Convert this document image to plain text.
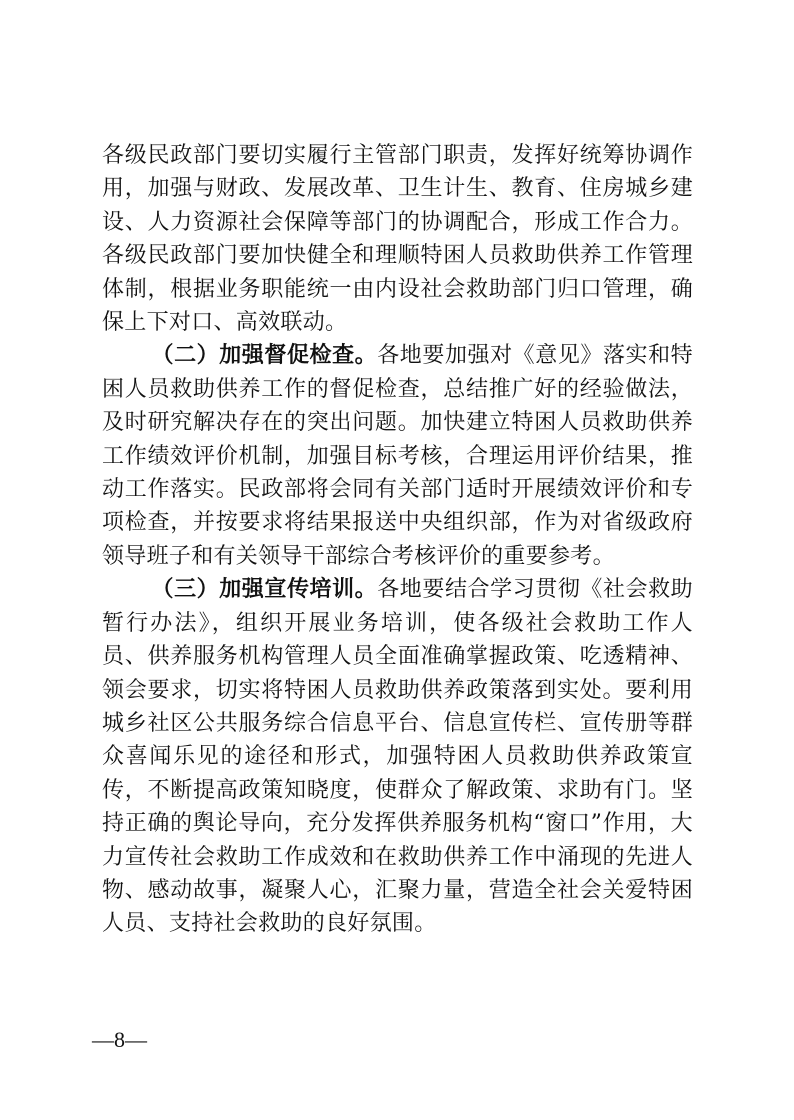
各级民政部门要切实履行主管部门职责，发挥好统筹协调作用，加强与财政、发展改革、卫生计生、教育、住房城乡建设、人力资源社会保障等部门的协调配合，形成工作合力。各级民政部门要加快健全和理顺特困人员救助供养工作管理体制，根据业务职能统一由内设社会救助部门归口管理，确保上下对口、高效联动。

（二）加强督促检查。各地要加强对《意见》落实和特困人员救助供养工作的督促检查，总结推广好的经验做法，及时研究解决存在的突出问题。加快建立特困人员救助供养工作绩效评价机制，加强目标考核，合理运用评价结果，推动工作落实。民政部将会同有关部门适时开展绩效评价和专项检查，并按要求将结果报送中央组织部，作为对省级政府领导班子和有关领导干部综合考核评价的重要参考。

（三）加强宣传培训。各地要结合学习贯彻《社会救助暂行办法》，组织开展业务培训，使各级社会救助工作人员、供养服务机构管理人员全面准确掌握政策、吃透精神、领会要求，切实将特困人员救助供养政策落到实处。要利用城乡社区公共服务综合信息平台、信息宣传栏、宣传册等群众喜闻乐见的途径和形式，加强特困人员救助供养政策宣传，不断提高政策知晓度，使群众了解政策、求助有门。坚持正确的舆论导向，充分发挥供养服务机构“窗口”作用，大力宣传社会救助工作成效和在救助供养工作中涌现的先进人物、感动故事，凝聚人心，汇聚力量，营造全社会关爱特困人员、支持社会救助的良好氛围。

—8—
